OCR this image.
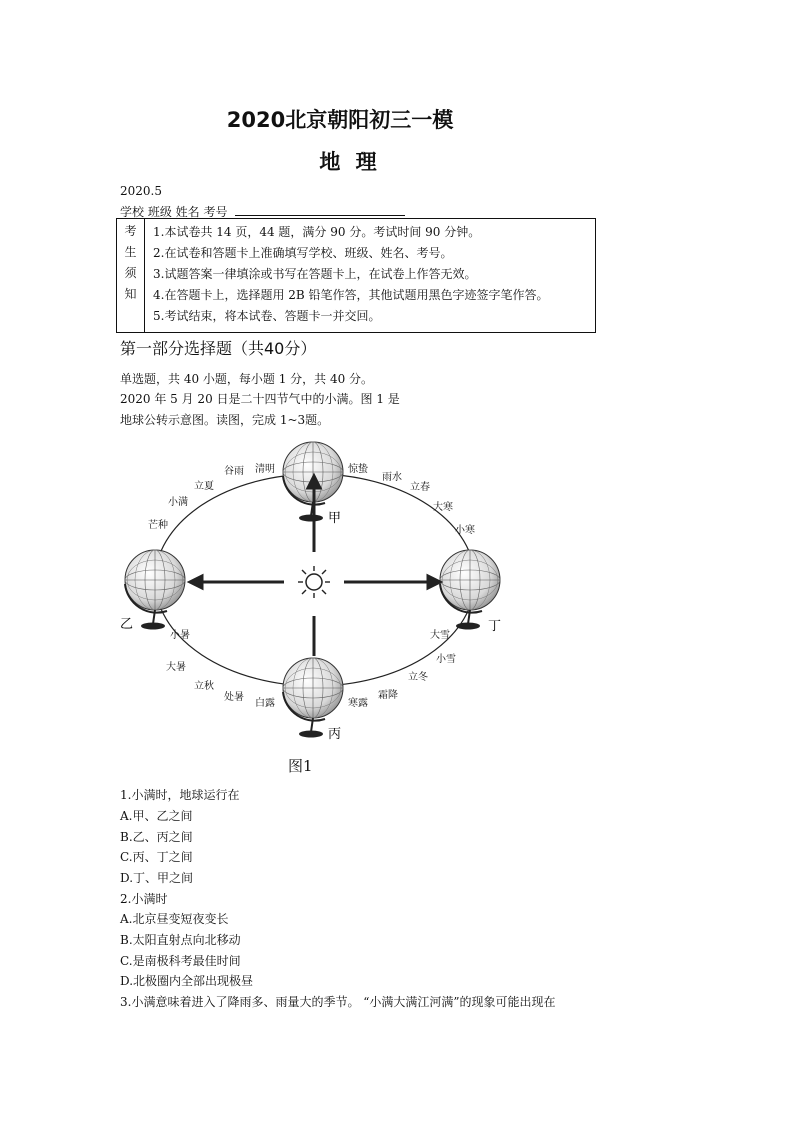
2020北京朝阳初三一模
地 理
2020.5
学校 班级 姓名 考号
考
生
须
知
1.本试卷共 14 页，44 题，满分 90 分。考试时间 90 分钟。
2.在试卷和答题卡上准确填写学校、班级、姓名、考号。
3.试题答案一律填涂或书写在答题卡上，在试卷上作答无效。
4.在答题卡上，选择题用 2B 铅笔作答，其他试题用黑色字迹签字笔作答。
5.考试结束，将本试卷、答题卡一并交回。
第一部分选择题（共40分）
单选题，共 40 小题，每小题 1 分，共 40 分。
2020 年 5 月 20 日是二十四节气中的小满。图 1 是
地球公转示意图。读图，完成 1~3题。
甲
乙
丙
丁
清明
谷雨
立夏
小满
芒种
惊蛰
雨水
立春
大寒
小寒
小暑
大暑
立秋
处暑
白露	寒露
霜降
立冬
大雪
小雪
图1
1.小满时，地球运行在
A.甲、乙之间
B.乙、丙之间
C.丙、丁之间
D.丁、甲之间
2.小满时
A.北京昼变短夜变长
B.太阳直射点向北移动
C.是南极科考最佳时间
D.北极圈内全部出现极昼
3.小满意味着进入了降雨多、雨量大的季节。 “小满大满江河满”的现象可能出现在
